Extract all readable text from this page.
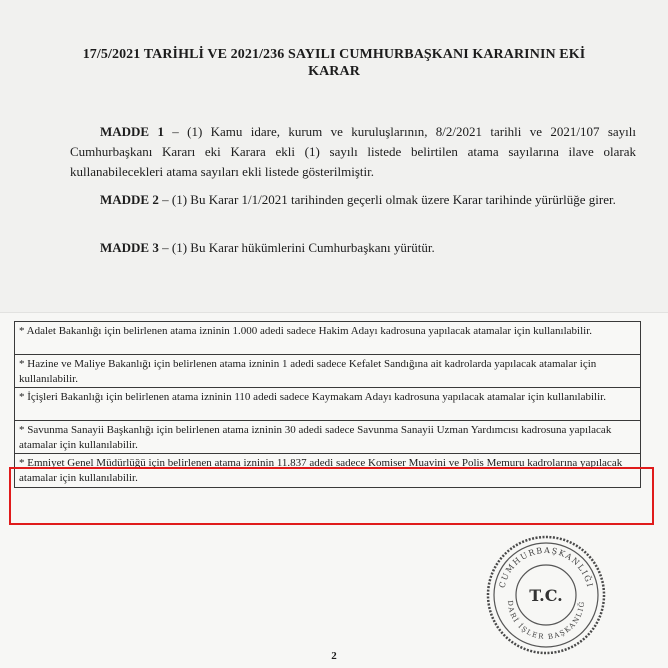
17/5/2021 TARİHLİ VE 2021/236 SAYILI CUMHURBAŞKANI KARARININ EKİ
KARAR

MADDE 1 – (1) Kamu idare, kurum ve kuruluşlarının, 8/2/2021 tarihli ve 2021/107 sayılı Cumhurbaşkanı Kararı eki Karara ekli (1) sayılı listede belirtilen atama sayılarına ilave olarak kullanabilecekleri atama sayıları ekli listede gösterilmiştir.

MADDE 2 – (1) Bu Karar 1/1/2021 tarihinden geçerli olmak üzere Karar tarihinde yürürlüğe girer.

MADDE 3 – (1) Bu Karar hükümlerini Cumhurbaşkanı yürütür.

* Adalet Bakanlığı için belirlenen atama izninin 1.000 adedi sadece Hakim Adayı kadrosuna yapılacak atamalar için kullanılabilir.
* Hazine ve Maliye Bakanlığı için belirlenen atama izninin 1 adedi sadece Kefalet Sandığına ait kadrolarda yapılacak atamalar için kullanılabilir.
* İçişleri Bakanlığı için belirlenen atama izninin 110 adedi sadece Kaymakam Adayı kadrosuna yapılacak atamalar için kullanılabilir.
* Savunma Sanayii Başkanlığı için belirlenen atama izninin 30 adedi sadece Savunma Sanayii Uzman Yardımcısı kadrosuna yapılacak atamalar için kullanılabilir.
* Emniyet Genel Müdürlüğü için belirlenen atama izninin 11.837 adedi sadece Komiser Muavini ve Polis Memuru kadrolarına yapılacak atamalar için kullanılabilir.
CUMHURBAŞKANLIĞI
DARİ İŞLER BAŞKANLIĞ
T.C.
2
